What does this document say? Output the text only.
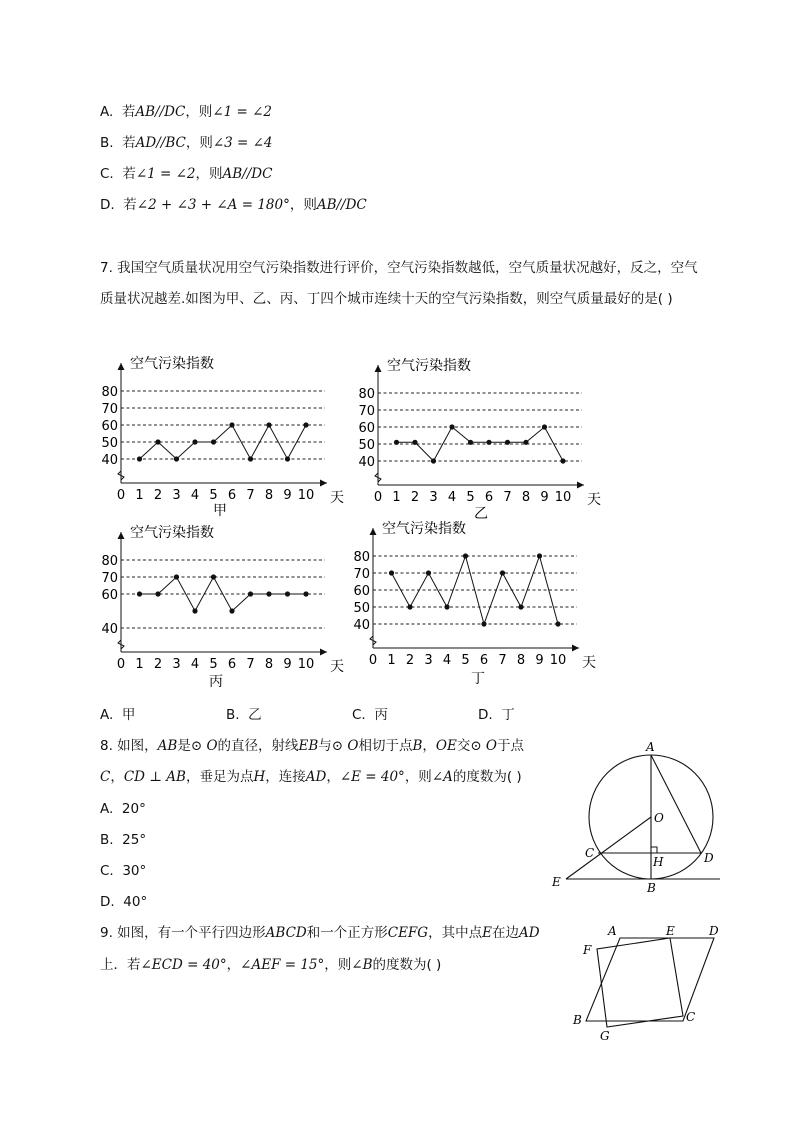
A. 若AB//DC，则∠1 = ∠2
B. 若AD//BC，则∠3 = ∠4
C. 若∠1 = ∠2，则AB//DC
D. 若∠2 + ∠3 + ∠A = 180°，则AB//DC
7. 我国空气质量状况用空气污染指数进行评价，空气污染指数越低，空气质量状况越好，反之，空气
质量状况越差.如图为甲、乙、丙、丁四个城市连续十天的空气污染指数，则空气质量最好的是( )
40
50
60
70
80
1 2 3 4 5 6 7 8 9 10
0	天
空气污染指数
甲
40
50
60
70
80
1 2 3 4 5 6 7 8 9 10
0	天
空气污染指数
乙
40
60
70
80
1 2 3 4 5 6 7 8 9 10
0	天
空气污染指数
丙
40
50
60
70
80
1 2 3 4 5 6 7 8 9 10
0	天
空气污染指数
丁
A. 甲	B. 乙	C. 丙	D. 丁
8. 如图，AB是⊙ O的直径，射线EB与⊙ O相切于点B，OE交⊙ O于点
C，CD ⊥ AB，垂足为点H，连接AD，∠E = 40°，则∠A的度数为( )
A. 20°
B. 25°
C. 30°
D. 40°
A
O
C
H	D
E	B
9. 如图，有一个平行四边形ABCD和一个正方形CEFG，其中点E在边AD
上．若∠ECD = 40°，∠AEF = 15°，则∠B的度数为( )
A	E	D
F
B	C
G
